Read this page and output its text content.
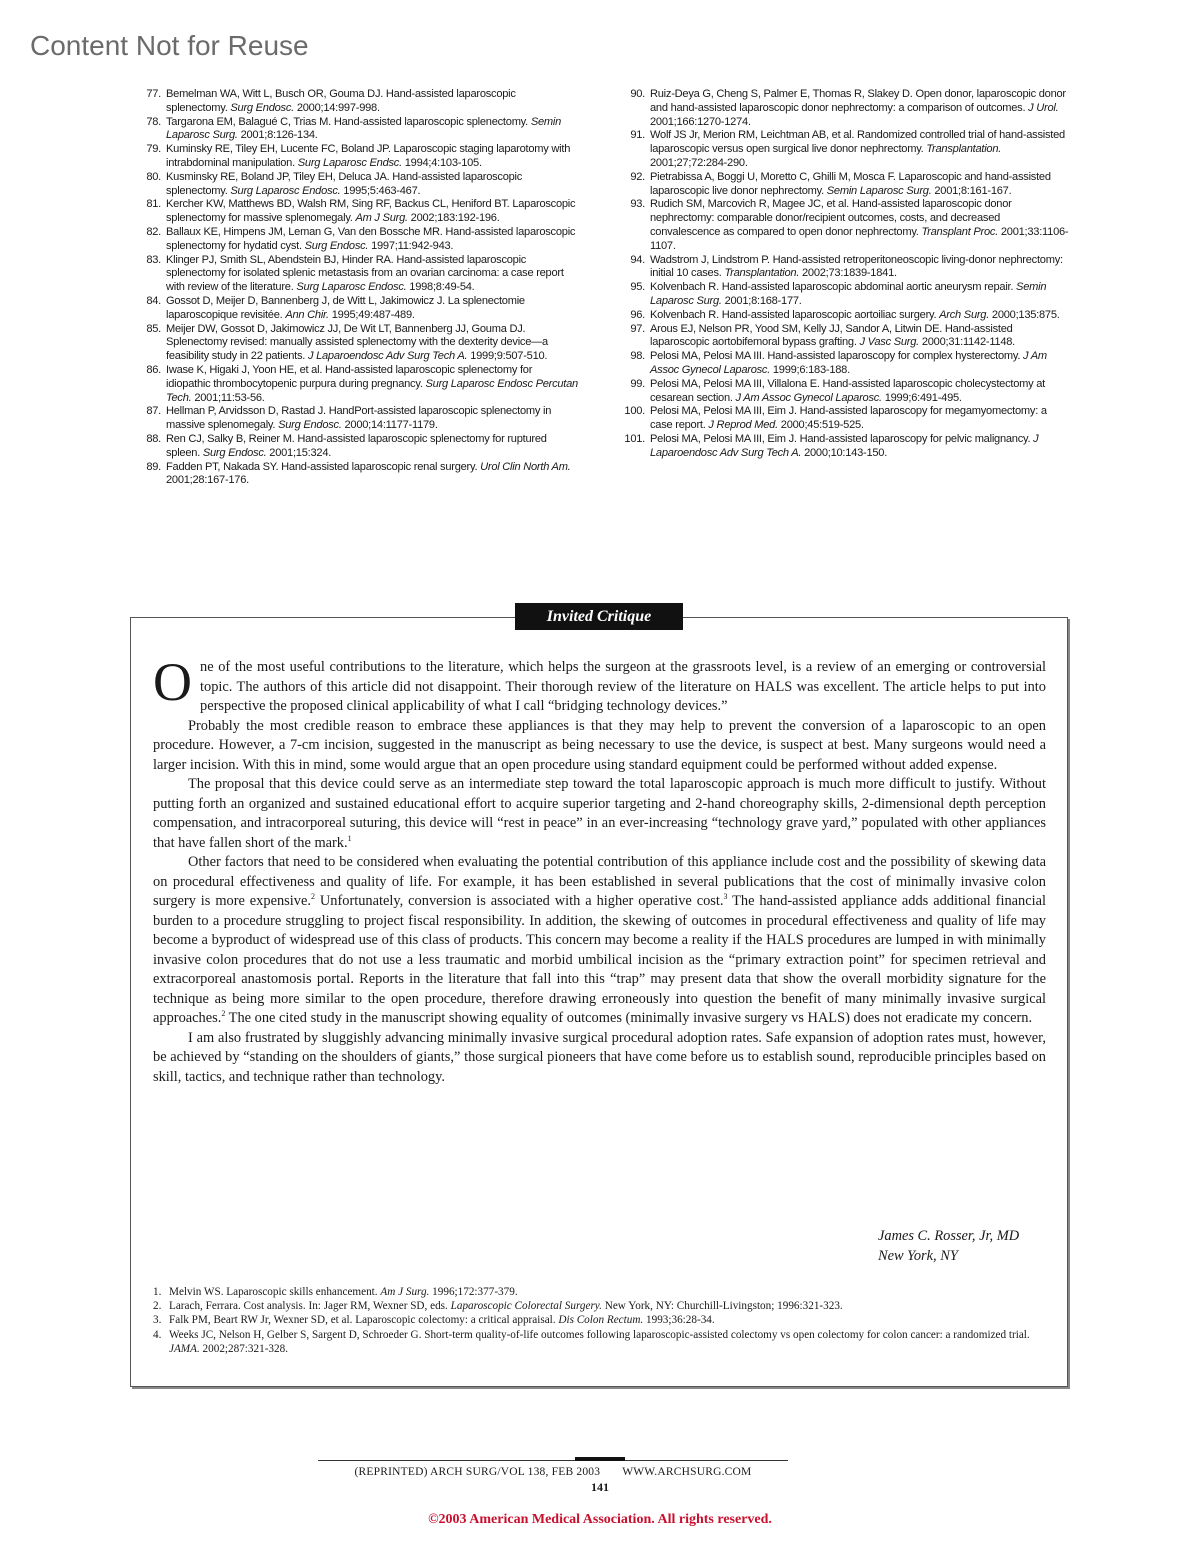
Content Not for Reuse
77. Bemelman WA, Witt L, Busch OR, Gouma DJ. Hand-assisted laparoscopic splenectomy. Surg Endosc. 2000;14:997-998.
78. Targarona EM, Balagué C, Trias M. Hand-assisted laparoscopic splenectomy. Semin Laparosc Surg. 2001;8:126-134.
79. Kuminsky RE, Tiley EH, Lucente FC, Boland JP. Laparoscopic staging laparotomy with intrabdominal manipulation. Surg Laparosc Endsc. 1994;4:103-105.
80. Kusminsky RE, Boland JP, Tiley EH, Deluca JA. Hand-assisted laparoscopic splenectomy. Surg Laparosc Endosc. 1995;5:463-467.
81. Kercher KW, Matthews BD, Walsh RM, Sing RF, Backus CL, Heniford BT. Laparoscopic splenectomy for massive splenomegaly. Am J Surg. 2002;183:192-196.
82. Ballaux KE, Himpens JM, Leman G, Van den Bossche MR. Hand-assisted laparoscopic splenectomy for hydatid cyst. Surg Endosc. 1997;11:942-943.
83. Klinger PJ, Smith SL, Abendstein BJ, Hinder RA. Hand-assisted laparoscopic splenectomy for isolated splenic metastasis from an ovarian carcinoma: a case report with review of the literature. Surg Laparosc Endosc. 1998;8:49-54.
84. Gossot D, Meijer D, Bannenberg J, de Witt L, Jakimowicz J. La splenectomie laparoscopique revisitée. Ann Chir. 1995;49:487-489.
85. Meijer DW, Gossot D, Jakimowicz JJ, De Wit LT, Bannenberg JJ, Gouma DJ. Splenectomy revised: manually assisted splenectomy with the dexterity device—a feasibility study in 22 patients. J Laparoendosc Adv Surg Tech A. 1999;9:507-510.
86. Iwase K, Higaki J, Yoon HE, et al. Hand-assisted laparoscopic splenectomy for idiopathic thrombocytopenic purpura during pregnancy. Surg Laparosc Endosc Percutan Tech. 2001;11:53-56.
87. Hellman P, Arvidsson D, Rastad J. HandPort-assisted laparoscopic splenectomy in massive splenomegaly. Surg Endosc. 2000;14:1177-1179.
88. Ren CJ, Salky B, Reiner M. Hand-assisted laparoscopic splenectomy for ruptured spleen. Surg Endosc. 2001;15:324.
89. Fadden PT, Nakada SY. Hand-assisted laparoscopic renal surgery. Urol Clin North Am. 2001;28:167-176.
90. Ruiz-Deya G, Cheng S, Palmer E, Thomas R, Slakey D. Open donor, laparoscopic donor and hand-assisted laparoscopic donor nephrectomy: a comparison of outcomes. J Urol. 2001;166:1270-1274.
91. Wolf JS Jr, Merion RM, Leichtman AB, et al. Randomized controlled trial of hand-assisted laparoscopic versus open surgical live donor nephrectomy. Transplantation. 2001;27;72:284-290.
92. Pietrabissa A, Boggi U, Moretto C, Ghilli M, Mosca F. Laparoscopic and hand-assisted laparoscopic live donor nephrectomy. Semin Laparosc Surg. 2001;8:161-167.
93. Rudich SM, Marcovich R, Magee JC, et al. Hand-assisted laparoscopic donor nephrectomy: comparable donor/recipient outcomes, costs, and decreased convalescence as compared to open donor nephrectomy. Transplant Proc. 2001;33:1106-1107.
94. Wadstrom J, Lindstrom P. Hand-assisted retroperitoneoscopic living-donor nephrectomy: initial 10 cases. Transplantation. 2002;73:1839-1841.
95. Kolvenbach R. Hand-assisted laparoscopic abdominal aortic aneurysm repair. Semin Laparosc Surg. 2001;8:168-177.
96. Kolvenbach R. Hand-assisted laparoscopic aortoiliac surgery. Arch Surg. 2000;135:875.
97. Arous EJ, Nelson PR, Yood SM, Kelly JJ, Sandor A, Litwin DE. Hand-assisted laparoscopic aortobifemoral bypass grafting. J Vasc Surg. 2000;31:1142-1148.
98. Pelosi MA, Pelosi MA III. Hand-assisted laparoscopy for complex hysterectomy. J Am Assoc Gynecol Laparosc. 1999;6:183-188.
99. Pelosi MA, Pelosi MA III, Villalona E. Hand-assisted laparoscopic cholecystectomy at cesarean section. J Am Assoc Gynecol Laparosc. 1999;6:491-495.
100. Pelosi MA, Pelosi MA III, Eim J. Hand-assisted laparoscopy for megamyomectomy: a case report. J Reprod Med. 2000;45:519-525.
101. Pelosi MA, Pelosi MA III, Eim J. Hand-assisted laparoscopy for pelvic malignancy. J Laparoendosc Adv Surg Tech A. 2000;10:143-150.
Invited Critique

One of the most useful contributions to the literature, which helps the surgeon at the grassroots level, is a review of an emerging or controversial topic. The authors of this article did not disappoint. Their thorough review of the literature on HALS was excellent. The article helps to put into perspective the proposed clinical applicability of what I call “bridging technology devices.”

Probably the most credible reason to embrace these appliances is that they may help to prevent the conversion of a laparoscopic to an open procedure. However, a 7-cm incision, suggested in the manuscript as being necessary to use the device, is suspect at best. Many surgeons would need a larger incision. With this in mind, some would argue that an open procedure using standard equipment could be performed without added expense.

The proposal that this device could serve as an intermediate step toward the total laparoscopic approach is much more difficult to justify. Without putting forth an organized and sustained educational effort to acquire superior targeting and 2-hand choreography skills, 2-dimensional depth perception compensation, and intracorporeal suturing, this device will “rest in peace” in an ever-increasing “technology grave yard,” populated with other appliances that have fallen short of the mark.$^1$

Other factors that need to be considered when evaluating the potential contribution of this appliance include cost and the possibility of skewing data on procedural effectiveness and quality of life. For example, it has been established in several publications that the cost of minimally invasive colon surgery is more expensive.$^2$ Unfortunately, conversion is associated with a higher operative cost.$^3$ The hand-assisted appliance adds additional financial burden to a procedure struggling to project fiscal responsibility. In addition, the skewing of outcomes in procedural effectiveness and quality of life may become a byproduct of widespread use of this class of products. This concern may become a reality if the HALS procedures are lumped in with minimally invasive colon procedures that do not use a less traumatic and morbid umbilical incision as the “primary extraction point” for specimen retrieval and extracorporeal anastomosis portal. Reports in the literature that fall into this “trap” may present data that show the overall morbidity signature for the technique as being more similar to the open procedure, therefore drawing erroneously into question the benefit of many minimally invasive surgical approaches.$^2$ The one cited study in the manuscript showing equality of outcomes (minimally invasive surgery vs HALS) does not eradicate my concern.

I am also frustrated by sluggishly advancing minimally invasive surgical procedural adoption rates. Safe expansion of adoption rates must, however, be achieved by “standing on the shoulders of giants,” those surgical pioneers that have come before us to establish sound, reproducible principles based on skill, tactics, and technique rather than technology.

James C. Rosser, Jr, MD
New York, NY
1. Melvin WS. Laparoscopic skills enhancement. Am J Surg. 1996;172:377-379.
2. Larach, Ferrara. Cost analysis. In: Jager RM, Wexner SD, eds. Laparoscopic Colorectal Surgery. New York, NY: Churchill-Livingston; 1996:321-323.
3. Falk PM, Beart RW Jr, Wexner SD, et al. Laparoscopic colectomy: a critical appraisal. Dis Colon Rectum. 1993;36:28-34.
4. Weeks JC, Nelson H, Gelber S, Sargent D, Schroeder G. Short-term quality-of-life outcomes following laparoscopic-assisted colectomy vs open colectomy for colon cancer: a randomized trial. JAMA. 2002;287:321-328.
(REPRINTED) ARCH SURG/VOL 138, FEB 2003 WWW.ARCHSURG.COM
141
©2003 American Medical Association. All rights reserved.
